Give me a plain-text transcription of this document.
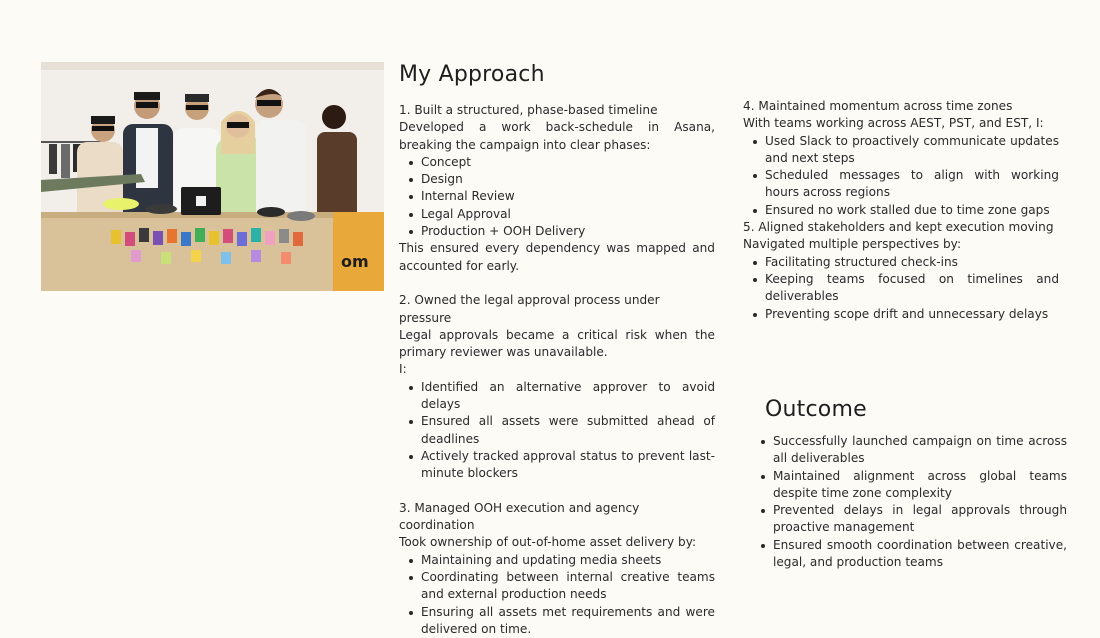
om
My Approach

1. Built a structured, phase-based timeline

Developed a work back-schedule in Asana, breaking the campaign into clear phases:

Concept
Design
Internal Review
Legal Approval
Production + OOH Delivery

This ensured every dependency was mapped and accounted for early.

2. Owned the legal approval process under pressure

Legal approvals became a critical risk when the primary reviewer was unavailable.

I:

Identified an alternative approver to avoid delays
Ensured all assets were submitted ahead of deadlines
Actively tracked approval status to prevent last-minute blockers

3. Managed OOH execution and agency coordination

Took ownership of out-of-home asset delivery by:

Maintaining and updating media sheets
Coordinating between internal creative teams and external production needs
Ensuring all assets met requirements and were delivered on time.

4. Maintained momentum across time zones

With teams working across AEST, PST, and EST, I:

Used Slack to proactively communicate updates and next steps
Scheduled messages to align with working hours across regions
Ensured no work stalled due to time zone gaps

5. Aligned stakeholders and kept execution moving

Navigated multiple perspectives by:

Facilitating structured check-ins
Keeping teams focused on timelines and deliverables
Preventing scope drift and unnecessary delays
Outcome
Successfully launched campaign on time across all deliverables
Maintained alignment across global teams despite time zone complexity
Prevented delays in legal approvals through proactive management
Ensured smooth coordination between creative, legal, and production teams
